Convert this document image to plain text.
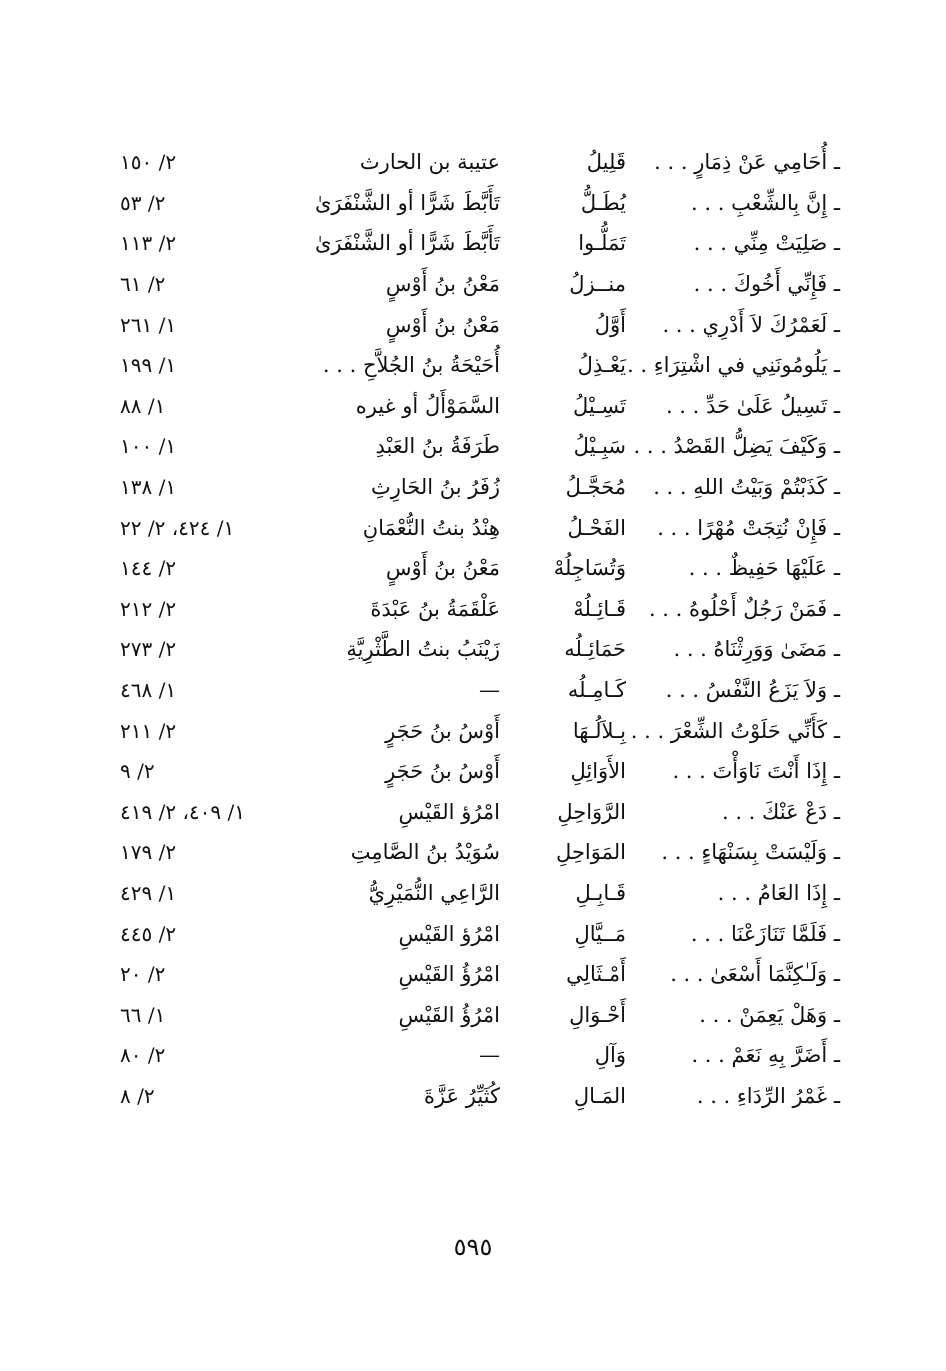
ـ أُحَامِي عَنْ ذِمَارٍ . . .
قَلِيلُ
عتيبة بن الحارث
٢/ ١٥٠
ـ إِنَّ بِالشِّعْبِ . . .
يُطَـلُّ
تَأَبَّطَ شَرًّا أو الشَّنْفَرَىٰ
٢/ ٥٣
ـ صَلِيَتْ مِنِّي . . .
تَمَلُّـوا
تَأَبَّطَ شَرًّا أو الشَّنْفَرَىٰ
٢/ ١١٣
ـ فَإِنِّي أَخُوكَ . . .
منــزلُ
مَعْنُ بنُ أَوْسٍ
٢/ ٦١
ـ لَعَمْرُكَ لاَ أَدْرِي . . .
أَوَّلُ
مَعْنُ بنُ أَوْسٍ
١/ ٢٦١
ـ يَلُومُونَنِي في اشْتِرَاءِ . . .
يَعْـذِلُ
أُحَيْحَةُ بنُ الجُلاَّحِ . . .
١/ ١٩٩
ـ تَسِيلُ عَلَىٰ حَدِّ . . .
تَسِـيْلُ
السَّمَوْأَلُ أو غيره
١/ ٨٨
ـ وَكَيْفَ يَضِلُّ القَصْدُ . . .
سَبِـيْلُ
طَرَفَةُ بنُ العَبْدِ
١/ ١٠٠
ـ كَذَبْتُمْ وَبَيْتُ اللهِ . . .
مُحَجَّـلُ
زُفَرُ بنُ الحَارِثِ
١/ ١٣٨
ـ فَإِنْ نُتِجَتْ مُهْرًا . . .
الفَحْـلُ
هِنْدُ بنتُ النُّعْمَانِ
١/ ٤٢٤، ٢/ ٢٢
ـ عَلَيْهَا حَفِيظٌ . . .
وَتُسَاجِلُهْ
مَعْنُ بنُ أَوْسٍ
٢/ ١٤٤
ـ فَمَنْ رَجُلٌ أَحْلُوهُ . . .
قَـائِـلُهْ
عَلْقَمَةُ بنُ عَبْدَةَ
٢/ ٢١٢
ـ مَضَىٰ وَوَرِثْنَاهُ . . .
حَمَائِـلُه
زَيْنَبُ بنتُ الطَّثْرِيَّةِ
٢/ ٢٧٣
ـ وَلاَ يَزَعُ النَّفْسُ . . .
كَـامِـلُه
—
١/ ٤٦٨
ـ كَأَنِّي حَلَوْتُ الشِّعْرَ . . .
بِـلاَلُـهَا
أَوْسُ بنُ حَجَرٍ
٢/ ٢١١
ـ إِذَا أَنْتَ نَاوَأْتَ . . .
الأَوَائِلِ
أَوْسُ بنُ حَجَرٍ
٢/ ٩
ـ دَعْ عَنْكَ . . .
الرَّوَاحِلِ
امْرُؤ القَيْسِ
١/ ٤٠٩، ٢/ ٤١٩
ـ وَلَيْسَتْ بِسَنْهَاءٍ . . .
المَوَاحِلِ
سُوَيْدُ بنُ الصَّامِتِ
٢/ ١٧٩
ـ إِذَا العَامُ . . .
قَـابِـلِ
الرَّاعِي النُّمَيْرِيُّ
١/ ٤٢٩
ـ فَلَمَّا تَنَازَعْنَا . . .
مَــيَّالِ
امْرُؤ القَيْسِ
٢/ ٤٤٥
ـ وَلَـٰكِنَّمَا أَسْعَىٰ . . .
أَمْـثَالِي
امْرُؤُ القَيْسِ
٢/ ٢٠
ـ وَهَلْ يَعِمَنْ . . .
أَحْـوَالِ
امْرُؤُ القَيْسِ
١/ ٦٦
ـ أَضَرَّ بِهِ نَعَمْ . . .
وَآلِ
—
٢/ ٨٠
ـ غَمْرُ الرِّدَاءِ . . .
المَـالِ
كُثَيِّرُ عَزَّةَ
٢/ ٨
٥٩٥
